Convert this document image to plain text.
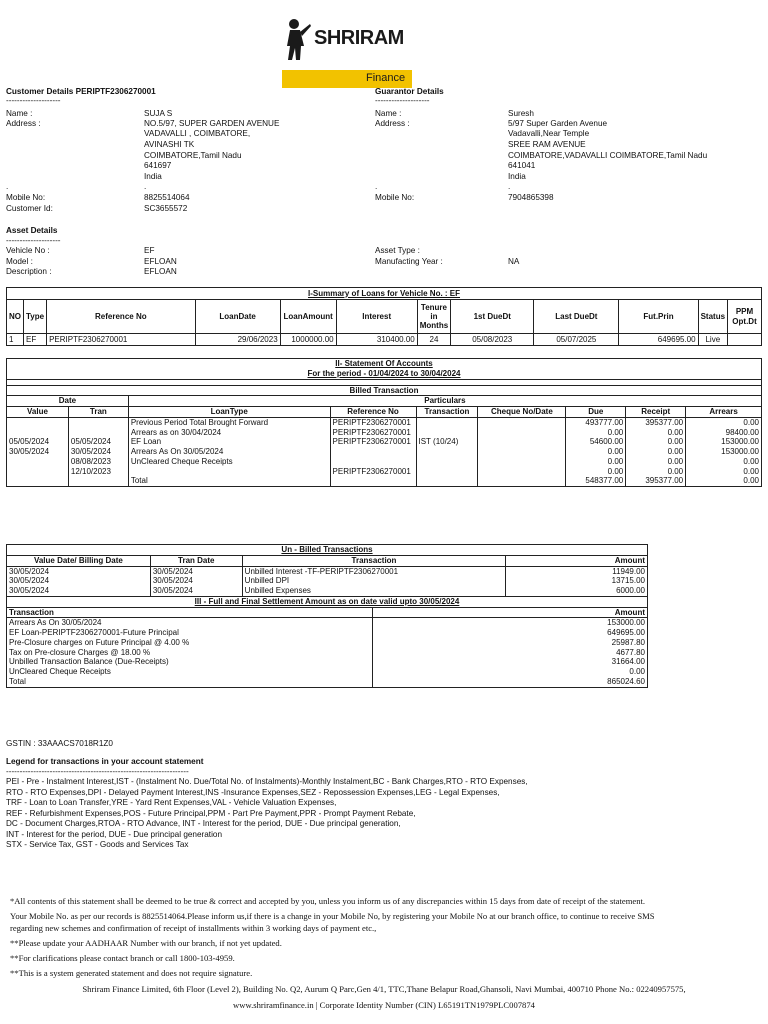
SHRIRAM
Finance
Customer Details PERIPTF2306270001
--------------------
Name :	SUJA S
Address :	NO.5/97, SUPER GARDEN AVENUE
VADAVALLI , COIMBATORE,
AVINASHI TK
COIMBATORE,Tamil Nadu
641697
India
.
.
Mobile No:	8825514064
Customer Id:	SC3655572
Guarantor Details
--------------------
Name :	Suresh
Address :	5/97 Super Garden Avenue
Vadavalli,Near Temple
SREE RAM AVENUE
COIMBATORE,VADAVALLI COIMBATORE,Tamil Nadu
641041
India
.
.
Mobile No:	7904865398
Asset Details
--------------------
Vehicle No :	EF
Model :	EFLOAN
Description :	EFLOAN
Asset Type :
Manufacting Year :	NA
I-Summary of Loans for Vehicle No. : EF											
NO	Type	Reference No	LoanDate	LoanAmount	Interest	Tenure in Months	1st DueDt	Last DueDt	Fut.Prin	Status	PPM Opt.Dt
1	EF	PERIPTF2306270001	29/06/2023	1000000.00	310400.00	24	05/08/2023	05/07/2025	649695.00	Live	
II- Statement Of Accounts								
For the period - 01/04/2024 to 30/04/2024								

Billed Transaction								
Date		Particulars						
Value	Tran	LoanType	Reference No	Transaction	Cheque No/Date	Due	Receipt	Arrears
		Previous Period Total Brought Forward	PERIPTF2306270001			493777.00	395377.00	0.00
		Arrears as on 30/04/2024	PERIPTF2306270001			0.00	0.00	98400.00
05/05/2024	05/05/2024	EF Loan	PERIPTF2306270001	IST (10/24)		54600.00	0.00	153000.00
30/05/2024	30/05/2024	Arrears As On 30/05/2024				0.00	0.00	153000.00
	08/08/2023	UnCleared Cheque Receipts				0.00	0.00	0.00
	12/10/2023		PERIPTF2306270001			0.00	0.00	0.00
		Total				548377.00	395377.00	0.00
Un - Billed Transactions				
Value Date/ Billing Date	Tran Date	Transaction		Amount
30/05/2024	30/05/2024	Unbilled Interest -TF-PERIPTF2306270001		11949.00
30/05/2024	30/05/2024	Unbilled DPI		13715.00
30/05/2024	30/05/2024	Unbilled Expenses		6000.00
III - Full and Final Settlement Amount as on date valid upto 30/05/2024				
Transaction			Amount	
Arrears As On 30/05/2024			153000.00	
EF Loan-PERIPTF2306270001-Future Principal			649695.00	
Pre-Closure charges on Future Principal @ 4.00 %			25987.80	
Tax on Pre-closure Charges @ 18.00 %			4677.80	
Unbilled Transaction Balance (Due-Receipts)			31664.00	
UnCleared Cheque Receipts			0.00	
Total			865024.60	
GSTIN : 33AAACS7018R1Z0
Legend for transactions in your account statement
-------------------------------------------------------------------
PEI - Pre - Instalment Interest,IST - (Instalment No. Due/Total No. of Instalments)-Monthly Instalment,BC - Bank Charges,RTO - RTO Expenses,
RTO - RTO Expenses,DPI - Delayed Payment Interest,INS -Insurance Expenses,SEZ - Repossession Expenses,LEG - Legal Expenses,
TRF - Loan to Loan Transfer,YRE - Yard Rent Expenses,VAL - Vehicle Valuation Expenses,
REF - Refurbishment Expenses,POS - Future Principal,PPM - Part Pre Payment,PPR - Prompt Payment Rebate,
DC - Document Charges,RTOA - RTO Advance, INT - Interest for the period, DUE - Due principal generation,
INT - Interest for the period, DUE - Due principal generation
STX - Service Tax, GST - Goods and Services Tax
*All contents of this statement shall be deemed to be true & correct and accepted by you, unless you inform us of any discrepancies within 15 days from date of receipt of the statement.
Your Mobile No. as per our records is 8825514064.Please inform us,if there is a change in your Mobile No, by registering your Mobile No at our branch office, to continue to receive SMS
regarding new schemes and confirmation of receipt of installments within 3 working days of payment etc.,
**Please update your AADHAAR Number with our branch, if not yet updated.
**For clarifications please contact branch or call 1800-103-4959.
**This is a system generated statement and does not require signature.
Shriram Finance Limited, 6th Floor (Level 2), Building No. Q2, Aurum Q Parc,Gen 4/1, TTC,Thane Belapur Road,Ghansoli, Navi Mumbai, 400710 Phone No.: 02240957575,
www.shriramfinance.in | Corporate Identity Number (CIN) L65191TN1979PLC007874
